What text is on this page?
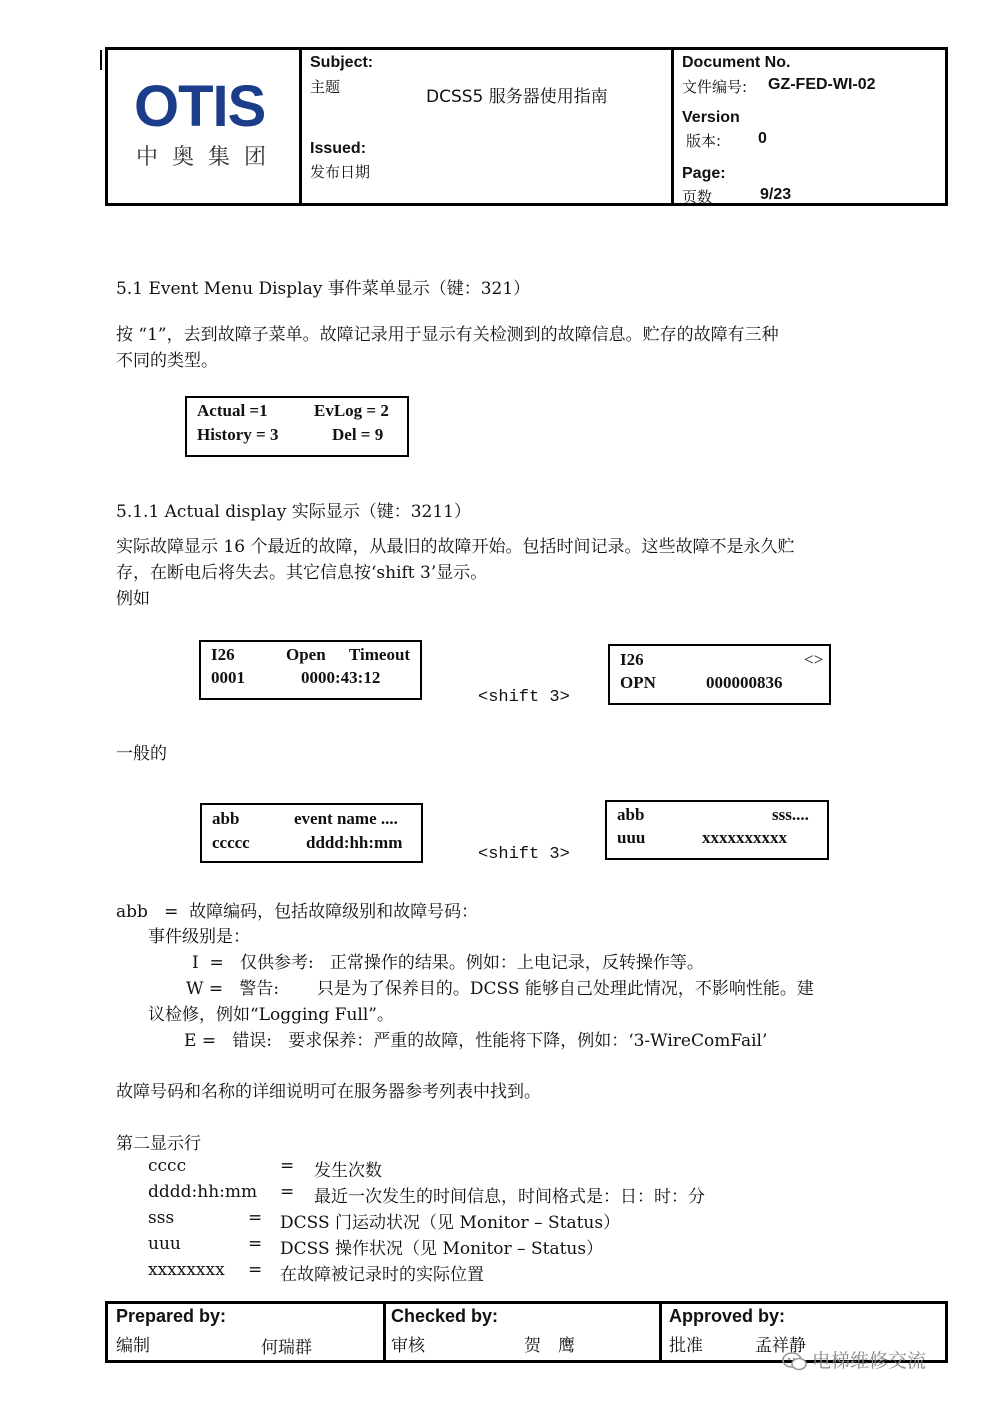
OTIS
中奥集团
Subject:
主题	DCSS5 服务器使用指南
Issued:
发布日期
Document No.
文件编号: GZ-FED-WI-02
Version
版本: 0
Page:
页数	9/23
5.1 Event Menu Display 事件菜单显示（键：321）
按 “1”，去到故障子菜单。故障记录用于显示有关检测到的故障信息。贮存的故障有三种
不同的类型。
Actual =1	EvLog = 2
History = 3	Del = 9
5.1.1 Actual display 实际显示（键：3211）
实际故障显示 16 个最近的故障，从最旧的故障开始。包括时间记录。这些故障不是永久贮
存，在断电后将失去。其它信息按‘shift 3’显示。
例如
I26	Open Timeout
0001	0000:43:12
<shift 3>
I26	<>
OPN	000000836
一般的
abb	event name ....
ccccc	dddd:hh:mm
<shift 3>
abb	sss....
uuu	xxxxxxxxxx
abb   =  故障编码，包括故障级别和故障号码：
事件级别是：
I  =   仅供参考:   正常操作的结果。例如：上电记录，反转操作等。
W =   警告:       只是为了保养目的。DCSS 能够自己处理此情况，不影响性能。建
议检修，例如“Logging Full”。
E =   错误:   要求保养：严重的故障，性能将下降，例如：‘3-WireComFail’
故障号码和名称的详细说明可在服务器参考列表中找到。
第二显示行
cccc	= 发生次数
dddd:hh:mm = 最近一次发生的时间信息，时间格式是：日：时：分
sss	= DCSS 门运动状况（见 Monitor – Status）
uuu	= DCSS 操作状况（见 Monitor – Status）
xxxxxxxx = 在故障被记录时的实际位置
Prepared by:
编制	何瑞群
Checked by:
审核	贺　鹰
Approved by:
批准	孟祥静
电梯维修交流
